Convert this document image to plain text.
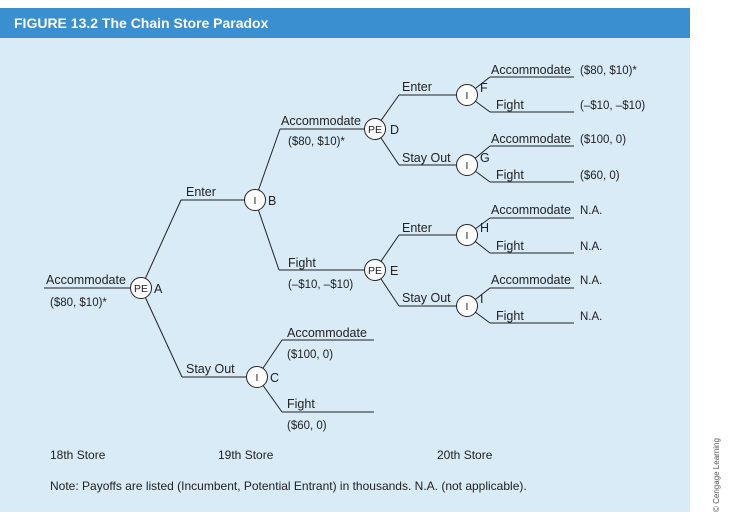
FIGURE 13.2 The Chain Store Paradox
PE
I
I
PE
PE
I
I
I
I
A
B
C
D
E
F
G
H
I
Accommodate
Enter
Stay Out
Accommodate
Fight
Accommodate
Fight
Enter
Stay Out
Enter
Stay Out
Accommodate
Fight
Accommodate
Fight
Accommodate
Fight
Accommodate
Fight
($80, $10)*
($80, $10)*
(–$10, –$10)
($100, 0)
($60, 0)
($80, $10)*
(–$10, –$10)
($100, 0)
($60, 0)
N.A.
N.A.
N.A.
N.A.
18th Store	19th Store	20th Store
Note: Payoffs are listed (Incumbent, Potential Entrant) in thousands. N.A. (not applicable).	© Cengage Learning
